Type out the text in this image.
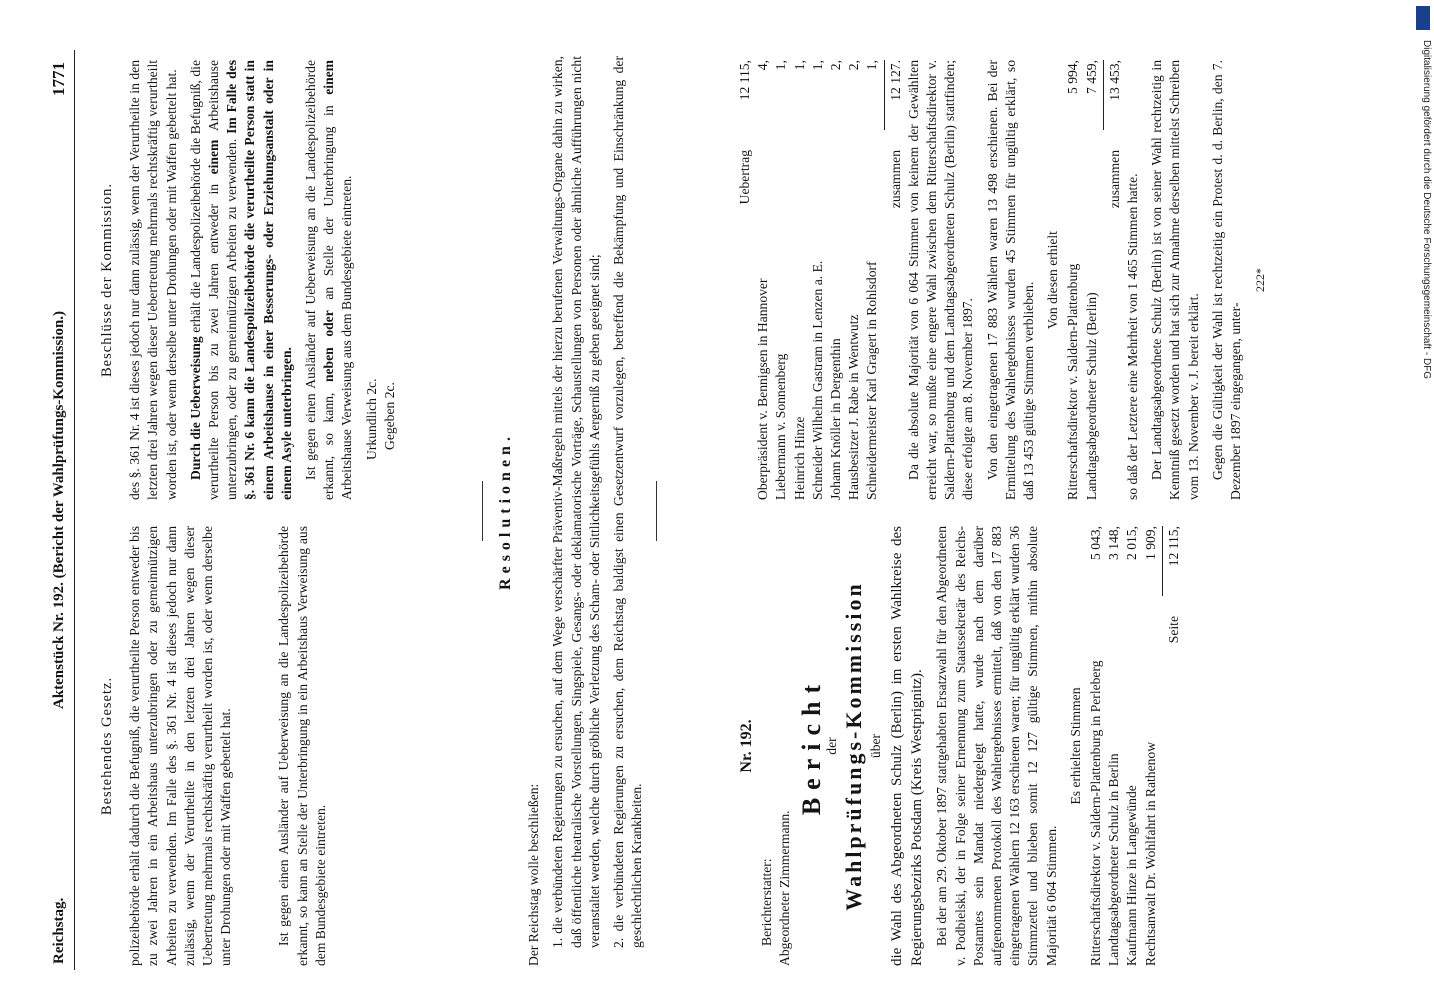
Digitalisierung gefördert durch die Deutsche Forschungsgemeinschaft - DFG
Reichstag.
Aktenstück Nr. 192. (Bericht der Wahlprüfungs-Kommission.)
1771
Bestehendes Gesetz. polizeibehörde erhält dadurch die Befugniß, die verurtheilte Person entweder bis zu zwei Jahren in ein Arbeitshaus unterzubringen oder zu gemeinnützigen Arbeiten zu verwenden. Im Falle des §. 361 Nr. 4 ist dieses jedoch nur dann zulässig, wenn der Verurtheilte in den letzten drei Jahren wegen dieser Uebertretung mehrmals rechtskräftig verurtheilt worden ist, oder wenn derselbe unter Drohungen oder mit Waffen gebettelt hat.	Ist gegen einen Ausländer auf Ueberweisung an die Landespolizeibehörde erkannt, so kann an Stelle der Unterbringung in ein Arbeitshaus Verweisung aus dem Bundesgebiete eintreten.

Beschlüsse der Kommission. des §. 361 Nr. 4 ist dieses jedoch nur dann zulässig, wenn der Verurtheilte in den letzten drei Jahren wegen dieser Uebertretung mehrmals rechtskräftig verurtheilt worden ist, oder wenn derselbe unter Drohungen oder mit Waffen gebettelt hat. Durch die Ueberweisung erhält die Landespolizeibehörde die Befugniß, die verurtheilte Person bis zu zwei Jahren entweder in einem Arbeitshause unterzubringen, oder zu gemeinnützigen Arbeiten zu verwenden. Im Falle des §. 361 Nr. 6 kann die Landespolizeibehörde die verurtheilte Person statt in einem Arbeitshause in einer Besserungs- oder Erziehungsanstalt oder in einem Asyle unterbringen. Ist gegen einen Ausländer auf Ueberweisung an die Landespolizeibehörde erkannt, so kann, neben oder an Stelle der Unterbringung in einem Arbeitshause Verweisung aus dem Bundesgebiete eintreten. Urkundlich 2c. Gegeben 2c.

Resolutionen.

Der Reichstag wolle beschließen: 1. die verbündeten Regierungen zu ersuchen, auf dem Wege verschärfter Präventiv-Maßregeln mittels der hierzu berufenen Verwaltungs-Organe dahin zu wirken, daß öffentliche theatralische Vorstellungen, Singspiele, Gesangs- oder deklamatorische Vorträge, Schaustellungen von Personen oder ähnliche Aufführungen nicht veranstaltet werden, welche durch gröbliche Verletzung des Scham- oder Sittlichkeitsgefühls Aergerniß zu geben geeignet sind; 2. die verbündeten Regierungen zu ersuchen, dem Reichstag baldigst einen Gesetzentwurf vorzulegen, betreffend die Bekämpfung und Einschränkung der geschlechtlichen Krankheiten.

Nr. 192.
Berichterstatter: Abgeordneter Zimmermann.
Bericht
der Wahlprüfungs-Kommission über die Wahl des Abgeordneten Schulz (Berlin) im ersten Wahlkreise des Regierungsbezirks Potsdam (Kreis Westprignitz). Bei der am 29. Oktober 1897 stattgehabten Ersatzwahl für den Abgeordneten v. Podbielski, der in Folge seiner Ernennung zum Staatssekretär des Reichs-Postamtes sein Mandat niedergelegt hatte, wurde nach dem darüber aufgenommenen Protokoll des Wahlergebnisses ermittelt, daß von den 17 883 eingetragenen Wählern 12 163 erschienen waren; für ungültig erklärt wurden 36 Stimmzettel und blieben somit 12 127 gültige Stimmen, mithin absolute Majorität 6 064 Stimmen.

Es erhielten Stimmen Ritterschaftsdirektor v. Saldern-Plattenburg in Perleberg
5 043,
Landtagsabgeordneter Schulz in Berlin
3 148,
Kaufmann Hinze in Langewünde
2 015,
Rechtsanwalt Dr. Wohlfahrt in Rathenow
1 909,
Seite
12 115,
Uebertrag
12 115,
Oberpräsident v. Bennigsen in Hannover
4,
Liebermann v. Sonnenberg
1,
Heinrich Hinze
1,
Schneider Wilhelm Gastram in Lenzen a. E.
1,
Johann Knöller in Dergenthin
2,
Hausbesitzer J. Rabe in Wentwutz
2,
Schneidermeister Karl Gragert in Rohlsdorf
1,
zusammen
12 127. Da die absolute Majorität von 6 064 Stimmen von keinem der Gewählten erreicht war, so mußte eine engere Wahl zwischen dem Ritterschaftsdirektor v. Saldern-Plattenburg und dem Landtagsabgeordneten Schulz (Berlin) stattfinden; diese erfolgte am 8. November 1897. Von den eingetragenen 17 883 Wählern waren 13 498 erschienen. Bei der Ermittelung des Wahlergebnisses wurden 45 Stimmen für ungültig erklärt, so daß 13 453 gültige Stimmen verblieben.

Von diesen erhielt Ritterschaftsdirektor v. Saldern-Plattenburg
5 994,
Landtagsabgeordneter Schulz (Berlin)
7 459,
zusammen
13 453,

so daß der Letztere eine Mehrheit von 1 465 Stimmen hatte. Der Landtagsabgeordnete Schulz (Berlin) ist von seiner Wahl rechtzeitig in Kenntniß gesetzt worden und hat sich zur Annahme derselben mittelst Schreiben vom 13. November v. J. bereit erklärt. Gegen die Gültigkeit der Wahl ist rechtzeitig ein Protest d. d. Berlin, den 7. Dezember 1897 eingegangen, unter-

222*
